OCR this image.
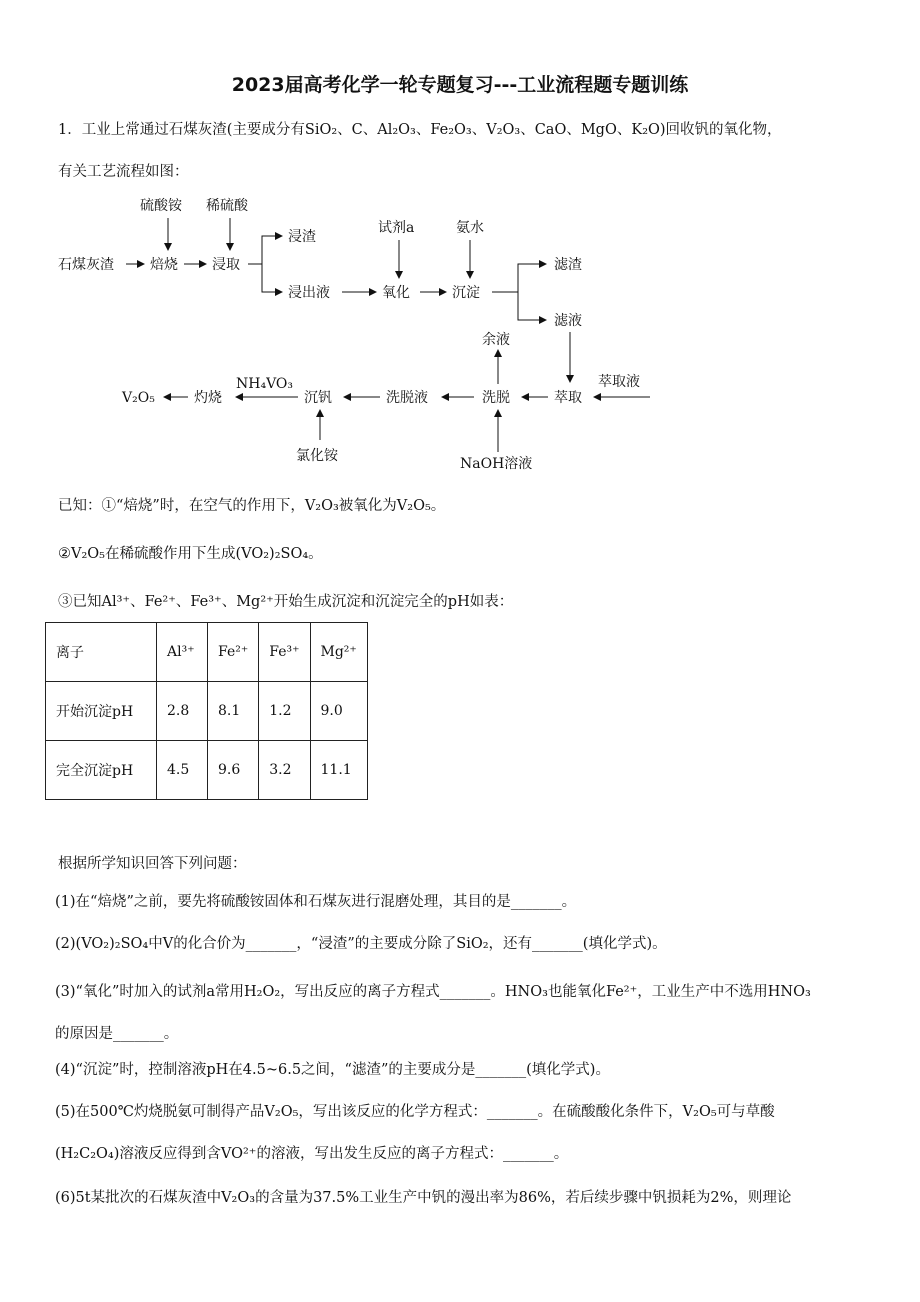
2023届高考化学一轮专题复习---工业流程题专题训练
1．工业上常通过石煤灰渣(主要成分有SiO₂、C、Al₂O₃、Fe₂O₃、V₂O₃、CaO、MgO、K₂O)回收钒的氧化物，
有关工艺流程如图：
石煤灰渣	焙烧 浸取
硫酸铵 稀硫酸
浸渣
浸出液	氧化
试剂a	氨水
沉淀
滤渣
滤液
萃取液
萃取
余液
洗脱
NaOH溶液
洗脱液
沉钒
氯化铵
NH₄VO₃
灼烧
V₂O₅
已知：①“焙烧”时，在空气的作用下，V₂O₃被氧化为V₂O₅。
②V₂O₅在稀硫酸作用下生成(VO₂)₂SO₄。
③已知Al³⁺、Fe²⁺、Fe³⁺、Mg²⁺开始生成沉淀和沉淀完全的pH如表：
离子	Al³⁺	Fe²⁺	Fe³⁺	Mg²⁺
开始沉淀pH	2.8	8.1	1.2	9.0
完全沉淀pH	4.5	9.6	3.2	11.1
根据所学知识回答下列问题：
(1)在“焙烧”之前，要先将硫酸铵固体和石煤灰进行混磨处理，其目的是_______。
(2)(VO₂)₂SO₄中V的化合价为_______，“浸渣”的主要成分除了SiO₂，还有_______(填化学式)。
(3)“氧化”时加入的试剂a常用H₂O₂，写出反应的离子方程式_______。HNO₃也能氧化Fe²⁺，工业生产中不选用HNO₃
的原因是_______。
(4)“沉淀”时，控制溶液pH在4.5~6.5之间，“滤渣”的主要成分是_______(填化学式)。
(5)在500℃灼烧脱氨可制得产品V₂O₅，写出该反应的化学方程式：_______。在硫酸酸化条件下，V₂O₅可与草酸
(H₂C₂O₄)溶液反应得到含VO²⁺的溶液，写出发生反应的离子方程式：_______。
(6)5t某批次的石煤灰渣中V₂O₃的含量为37.5%工业生产中钒的漫出率为86%，若后续步骤中钒损耗为2%，则理论
